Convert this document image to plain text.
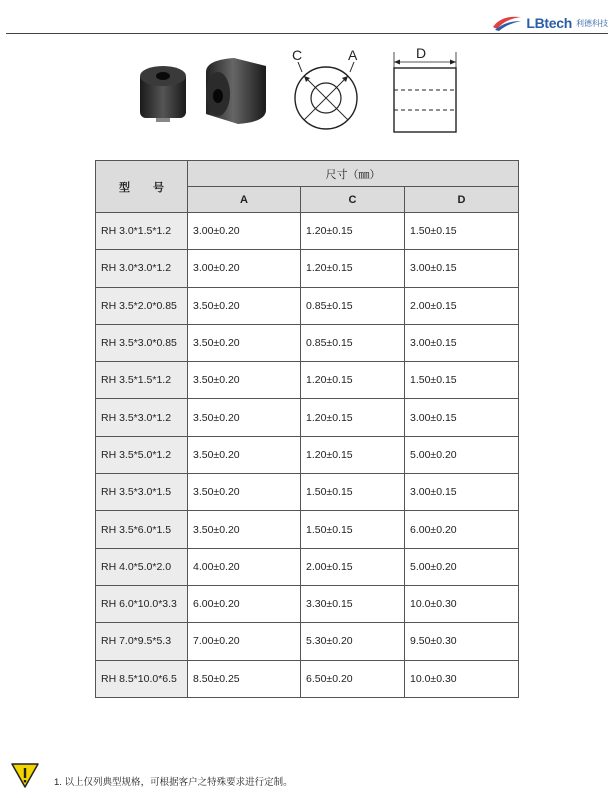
LBtech 利德科技
C	A	D
型 号	尺寸（㎜）		
	A	C	D
RH 3.0*1.5*1.2	3.00±0.20	1.20±0.15	1.50±0.15
RH 3.0*3.0*1.2	3.00±0.20	1.20±0.15	3.00±0.15
RH 3.5*2.0*0.85	3.50±0.20	0.85±0.15	2.00±0.15
RH 3.5*3.0*0.85	3.50±0.20	0.85±0.15	3.00±0.15
RH 3.5*1.5*1.2	3.50±0.20	1.20±0.15	1.50±0.15
RH 3.5*3.0*1.2	3.50±0.20	1.20±0.15	3.00±0.15
RH 3.5*5.0*1.2	3.50±0.20	1.20±0.15	5.00±0.20
RH 3.5*3.0*1.5	3.50±0.20	1.50±0.15	3.00±0.15
RH 3.5*6.0*1.5	3.50±0.20	1.50±0.15	6.00±0.20
RH 4.0*5.0*2.0	4.00±0.20	2.00±0.15	5.00±0.20
RH 6.0*10.0*3.3	6.00±0.20	3.30±0.15	10.0±0.30
RH 7.0*9.5*5.3	7.00±0.20	5.30±0.20	9.50±0.30
RH 8.5*10.0*6.5	8.50±0.25	6.50±0.20	10.0±0.30
1. 以上仅列典型规格，可根据客户之特殊要求进行定制。
